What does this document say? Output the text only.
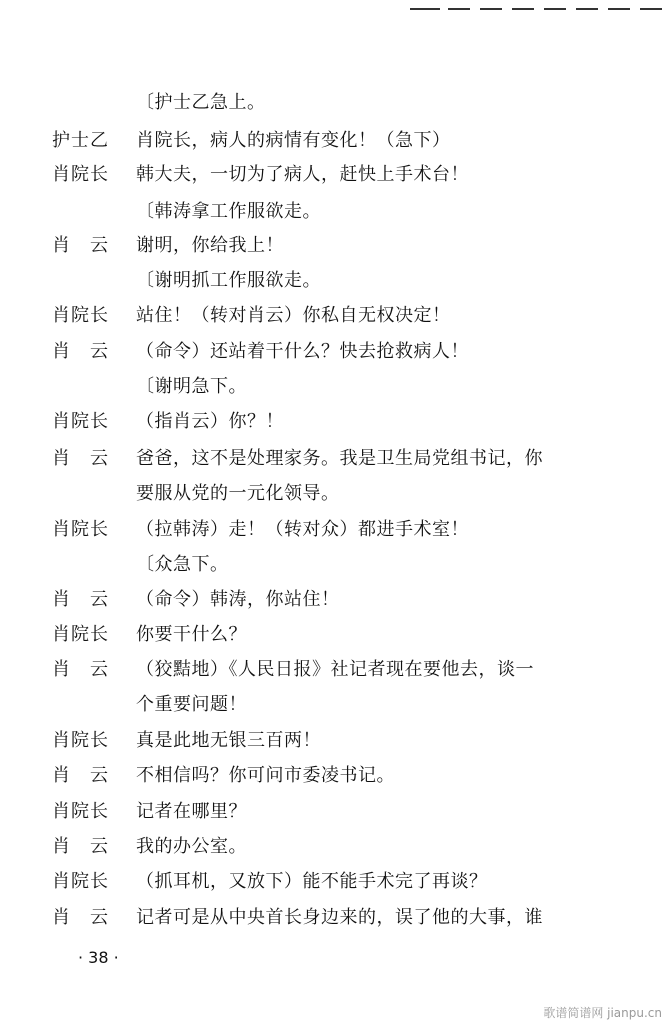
〔护士乙急上。
护士乙	肖院长，病人的病情有变化！（急下）
肖院长	韩大夫，一切为了病人，赶快上手术台！
〔韩涛拿工作服欲走。
肖　云	谢明，你给我上！
〔谢明抓工作服欲走。
肖院长	站住！（转对肖云）你私自无权决定！
肖　云	（命令）还站着干什么？快去抢救病人！
〔谢明急下。
肖院长	（指肖云）你？！
肖　云	爸爸，这不是处理家务。我是卫生局党组书记，你
要服从党的一元化领导。
肖院长	（拉韩涛）走！（转对众）都进手术室！
〔众急下。
肖　云	（命令）韩涛，你站住！
肖院长	你要干什么？
肖　云	（狡黠地）《人民日报》社记者现在要他去，谈一
个重要问题！
肖院长	真是此地无银三百两！
肖　云	不相信吗？你可问市委凌书记。
肖院长	记者在哪里？
肖　云	我的办公室。
肖院长	（抓耳机，又放下）能不能手术完了再谈？
肖　云	记者可是从中央首长身边来的，误了他的大事，谁
· 38 ·
歌谱简谱网 jianpu.cn
